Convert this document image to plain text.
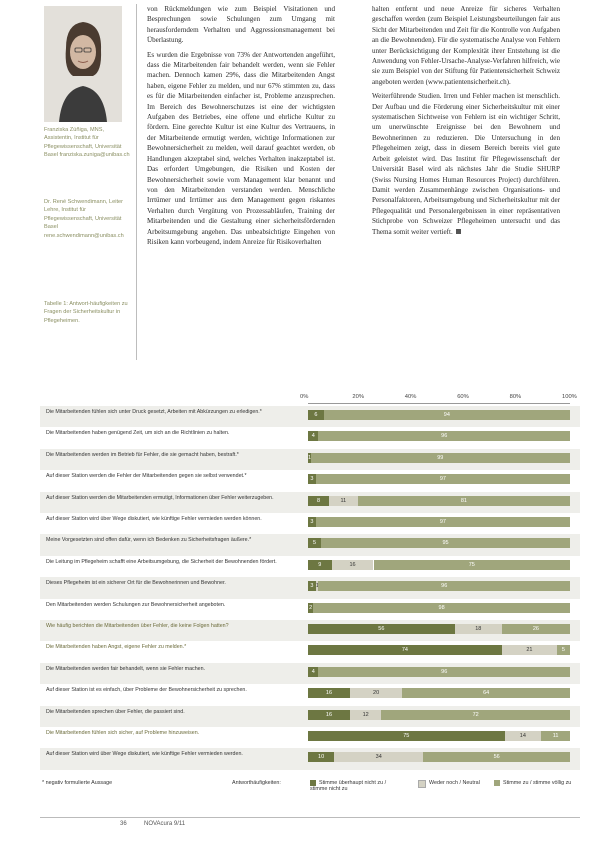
Franziska Zúñiga, MNS, Assistentin, Institut für Pflegewissenschaft, Universität Basel franziska.zuniga@unibas.ch
Dr. René Schwendimann, Leiter Lehre, Institut für Pflegewissenschaft, Universität Basel rene.schwendimann@unibas.ch
Tabelle 1: Antwort-häufigkeiten zu Fragen der Sicherheitskultur in Pflegeheimen.

von Rückmeldungen wie zum Beispiel Visitationen und Besprechungen sowie Schulungen zum Umgang mit herausforderndem Verhalten und Aggressionsmanagement bei Überlastung.

Es wurden die Ergebnisse von 73% der Antwortenden angeführt, dass die Mitarbeitenden fair behandelt werden, wenn sie Fehler machen. Dennoch kamen 29%, dass die Mitarbeitenden Angst haben, eigene Fehler zu melden, und nur 67% stimmten zu, dass es für die Mitarbeitenden einfacher ist, Probleme anzusprechen. Im Bereich des Bewohnerschutzes ist eine der wichtigsten Aufgaben des Betriebes, eine offene und ehrliche Kultur zu fördern. Eine gerechte Kultur ist eine Kultur des Vertrauens, in der Mitarbeitende ermutigt werden, wichtige Informationen zur Bewohnersicherheit zu melden, weil darauf geachtet werden, ob Handlungen akzeptabel sind, welches Verhalten inakzeptabel ist. Das erfordert Umgebungen, die Risiken und Kosten der Bewohnersicherheit sowie vom Management klar benannt und von den Mitarbeitenden verstanden werden. Menschliche Irrtümer und Irrtümer aus dem Management gegen riskantes Verhalten durch Vergütung von Prozessabläufen, Training der Mitarbeitenden und die Gestaltung einer sicherheitsfördernden Arbeitsumgebung angehen. Das unbeabsichtigte Eingehen von Risiken kann vorbeugend, indem Anreize für Risikoverhalten

halten entfernt und neue Anreize für sicheres Verhalten geschaffen werden (zum Beispiel Leistungsbeurteilungen fair aus Sicht der Mitarbeitenden und Zeit für die Kontrolle von Aufgaben an die Bewohnenden). Für die systematische Analyse von Fehlern unter Berücksichtigung der Komplexität ihrer Entstehung ist die Anwendung von Fehler-Ursache-Analyse-Verfahren hilfreich, wie sie zum Beispiel von der Stiftung für Patientensicherheit Schweiz angeboten werden (www.patientensicherheit.ch).

Weiterführende Studien. Irren und Fehler machen ist menschlich. Der Aufbau und die Förderung einer Sicherheitskultur mit einer systematischen Sichtweise von Fehlern ist ein wichtiger Schritt, um unerwünschte Ereignisse bei den Bewohnern und Bewohnerinnen zu reduzieren. Die Untersuchung in den Pflegeheimen zeigt, dass in diesem Bereich bereits viel gute Arbeit geleistet wird. Das Institut für Pflegewissenschaft der Universität Basel wird als nächstes Jahr die Studie SHURP (Swiss Nursing Homes Human Resources Project) durchführen. Damit werden Zusammenhänge zwischen Organisations- und Personalfaktoren, Arbeitsumgebung und Sicherheitskultur mit der Pflegequalität und Personalergebnissen in einer repräsentativen Stichprobe von Schweizer Pflegeheimen untersucht und das Thema somit weiter vertieft.

0%	20%	40%	60%	80%	100%
Die Mitarbeitenden fühlen sich unter Druck gesetzt, Arbeiten mit Abkürzungen zu erledigen.*	6	94
Die Mitarbeitenden haben genügend Zeit, um sich an die Richtlinien zu halten.	4	96
Die Mitarbeitenden werden im Betrieb für Fehler, die sie gemacht haben, bestraft.*	1	99
Auf dieser Station werden die Fehler der Mitarbeitenden gegen sie selbst verwendet.*	3	97
Auf dieser Station werden die Mitarbeitenden ermutigt, Informationen über Fehler weiterzugeben.	8	11	81
Auf dieser Station wird über Wege diskutiert, wie künftige Fehler vermieden werden können.	3	97
Meine Vorgesetzten sind offen dafür, wenn ich Bedenken zu Sicherheitsfragen äußere.*	5	95
Die Leitung im Pflegeheim schafft eine Arbeitsumgebung, die Sicherheit der Bewohnenden fördert.	9	16	75
Dieses Pflegeheim ist ein sicherer Ort für die Bewohnerinnen und Bewohner.	3 1	96
Den Mitarbeitenden werden Schulungen zur Bewohnersicherheit angeboten.	2	98
Wie häufig berichten die Mitarbeitenden über Fehler, die keine Folgen hatten?	56	18	26
Die Mitarbeitenden haben Angst, eigene Fehler zu melden.*	74	21	5
Die Mitarbeitenden werden fair behandelt, wenn sie Fehler machen.	4	96
Auf dieser Station ist es einfach, über Probleme der Bewohnersicherheit zu sprechen.	16	20	64
Die Mitarbeitenden sprechen über Fehler, die passiert sind.	16	12	72
Die Mitarbeitenden fühlen sich sicher, auf Probleme hinzuweisen.	75	14	11
Auf dieser Station wird über Wege diskutiert, wie künftige Fehler vermieden werden.	10	34	56
* negativ formulierte Aussage	Antworthäufigkeiten:	Stimme überhaupt nicht zu / stimme nicht zu
Weder noch / Neutral	Stimme zu / stimme völlig zu
36	NOVAcura 9/11
